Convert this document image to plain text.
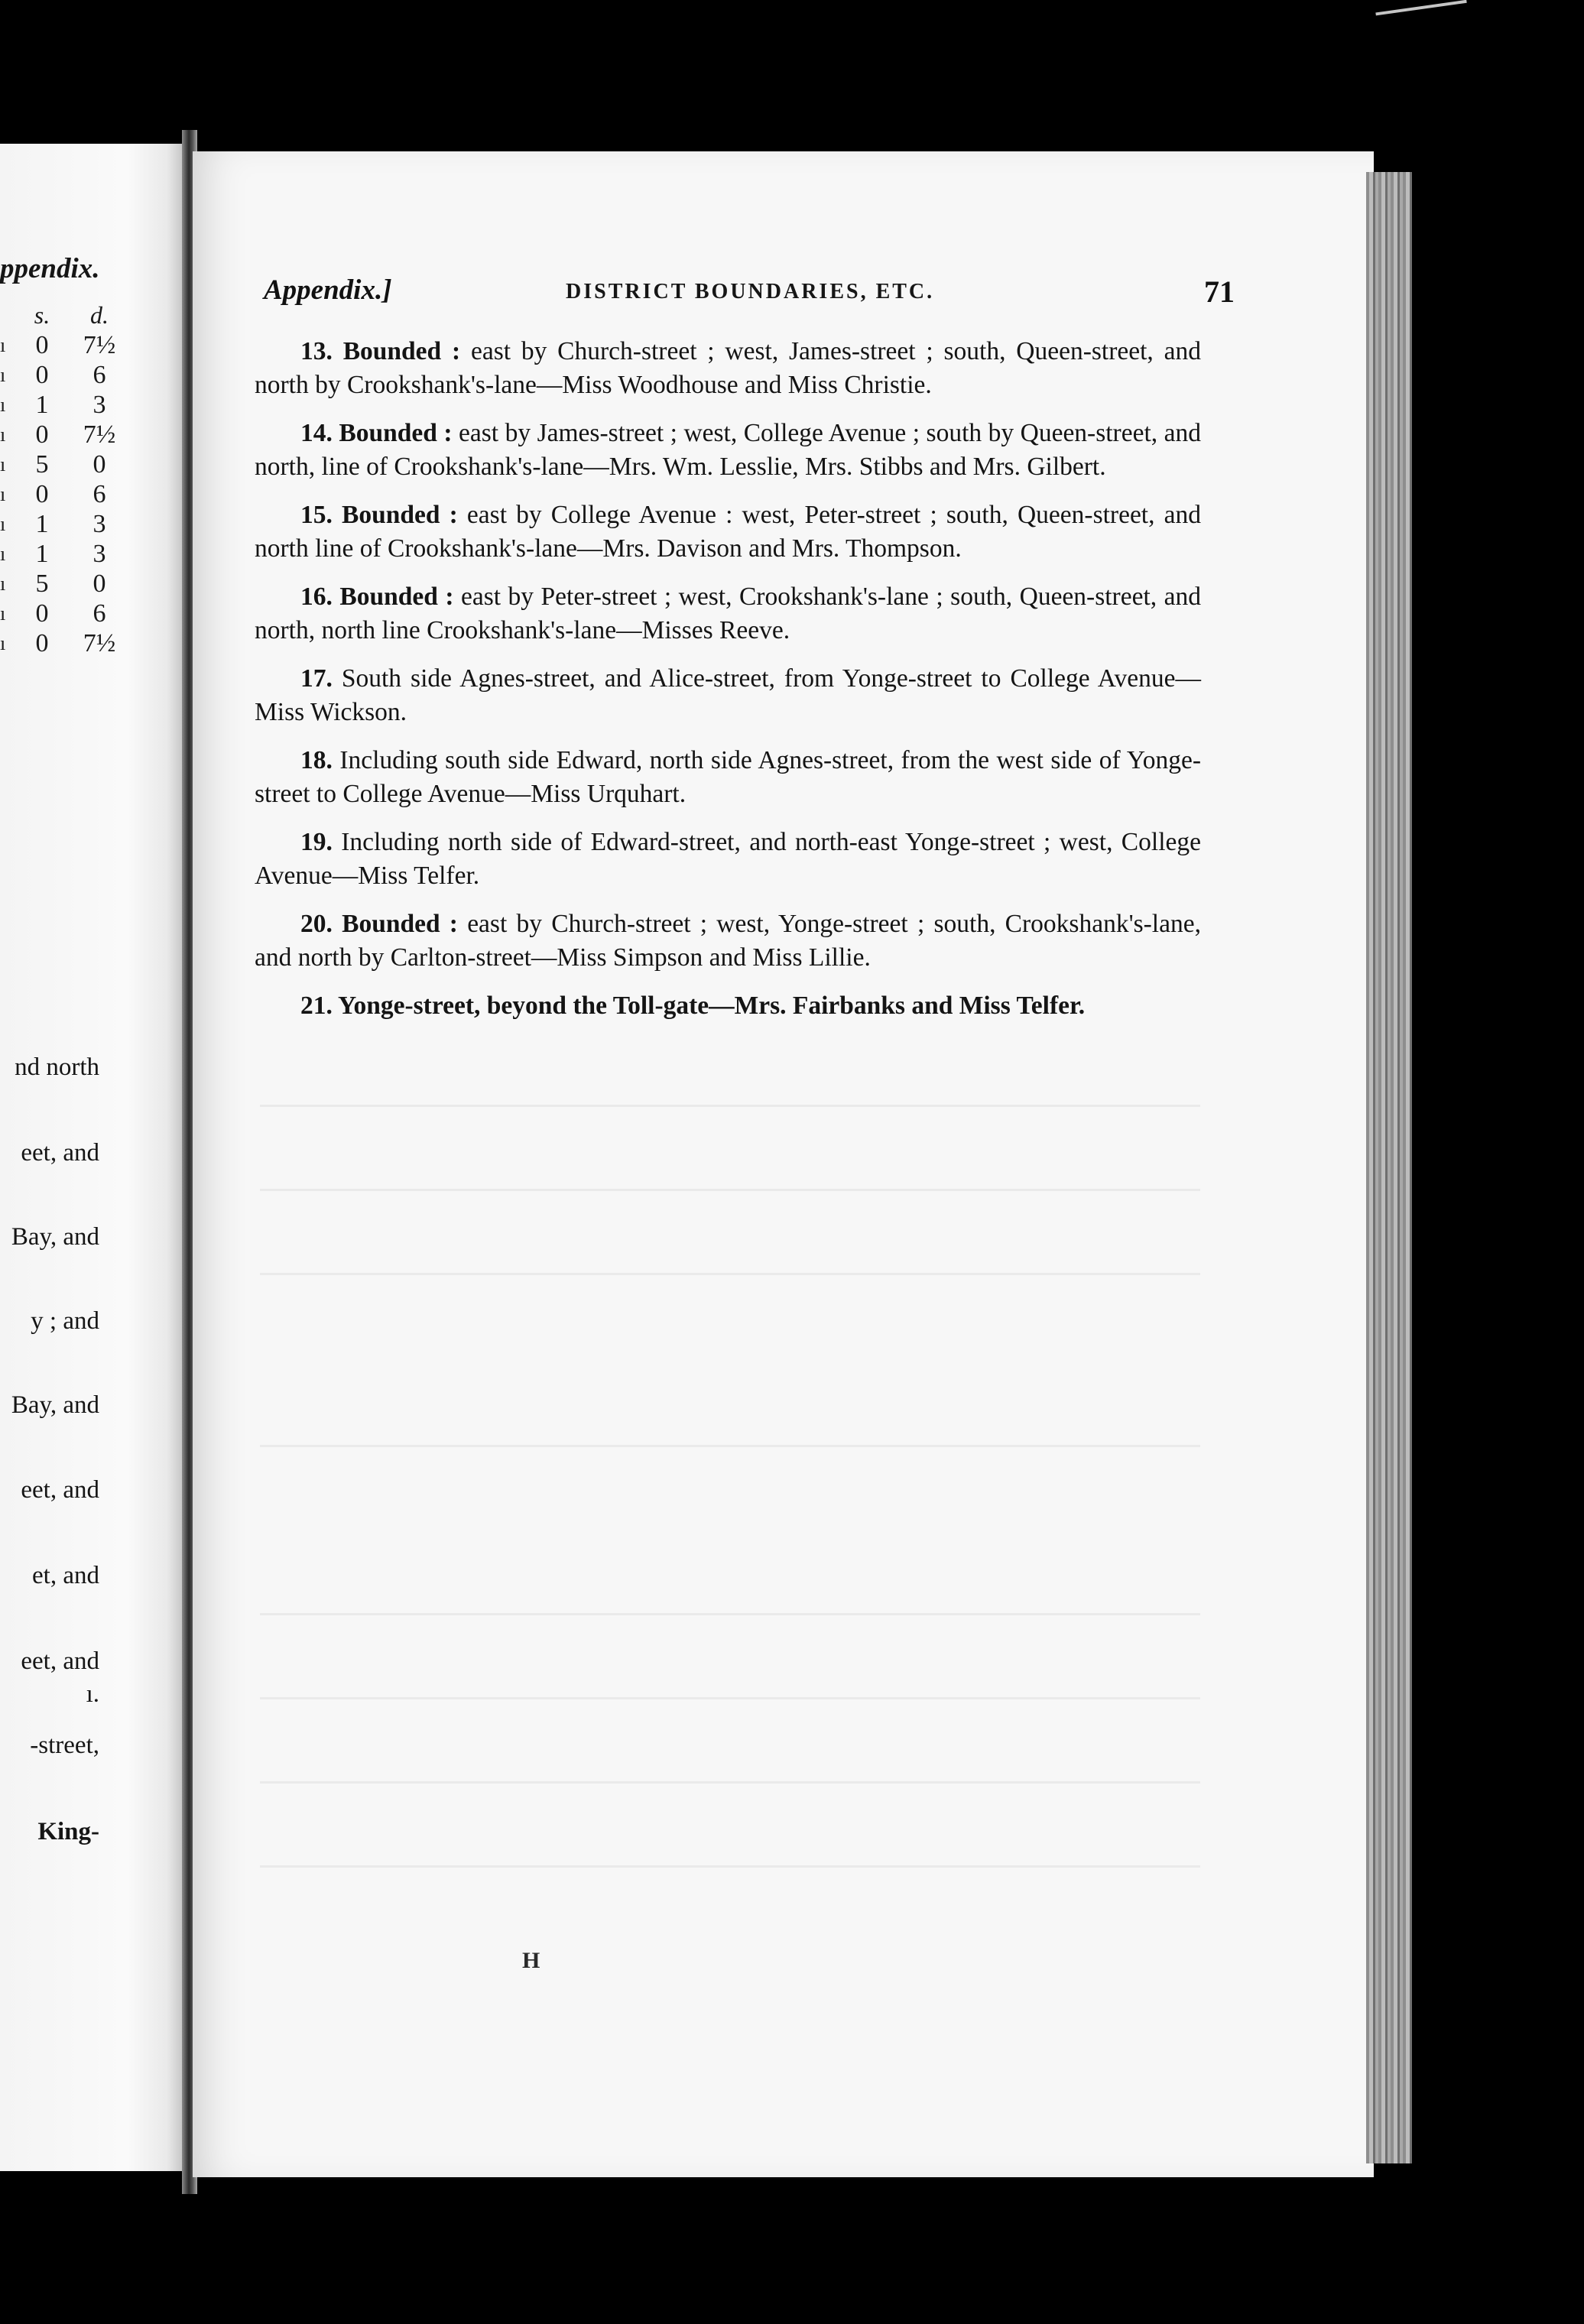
ppendix.
s.	d.
ı	0	7½
ı	0	6
ı	1	3
ı	0	7½
ı	5	0
ı	0	6
ı	1	3
ı	1	3
ı	5	0
ı	0	6
ı	0	7½
nd north
eet, and
Bay, and
y ; and
Bay, and
eet, and
et, and
eet, and
ı.
-street,
King-
Appendix.]	DISTRICT BOUNDARIES, ETC.	71

13. Bounded : east by Church-street ; west, James-street ; south, Queen-street, and north by Crookshank's-lane—Miss Woodhouse and Miss Christie.

14. Bounded : east by James-street ; west, College Avenue ; south by Queen-street, and north, line of Crookshank's-lane—Mrs. Wm. Lesslie, Mrs. Stibbs and Mrs. Gilbert.

15. Bounded : east by College Avenue : west, Peter-street ; south, Queen-street, and north line of Crookshank's-lane—Mrs. Davison and Mrs. Thompson.

16. Bounded : east by Peter-street ; west, Crookshank's-lane ; south, Queen-street, and north, north line Crookshank's-lane—Misses Reeve.

17. South side Agnes-street, and Alice-street, from Yonge-street to College Avenue—Miss Wickson.

18. Including south side Edward, north side Agnes-street, from the west side of Yonge-street to College Avenue—Miss Urquhart.

19. Including north side of Edward-street, and north-east Yonge-street ; west, College Avenue—Miss Telfer.

20. Bounded : east by Church-street ; west, Yonge-street ; south, Crookshank's-lane, and north by Carlton-street—Miss Simpson and Miss Lillie.

21. Yonge-street, beyond the Toll-gate—Mrs. Fairbanks and Miss Telfer.

H
